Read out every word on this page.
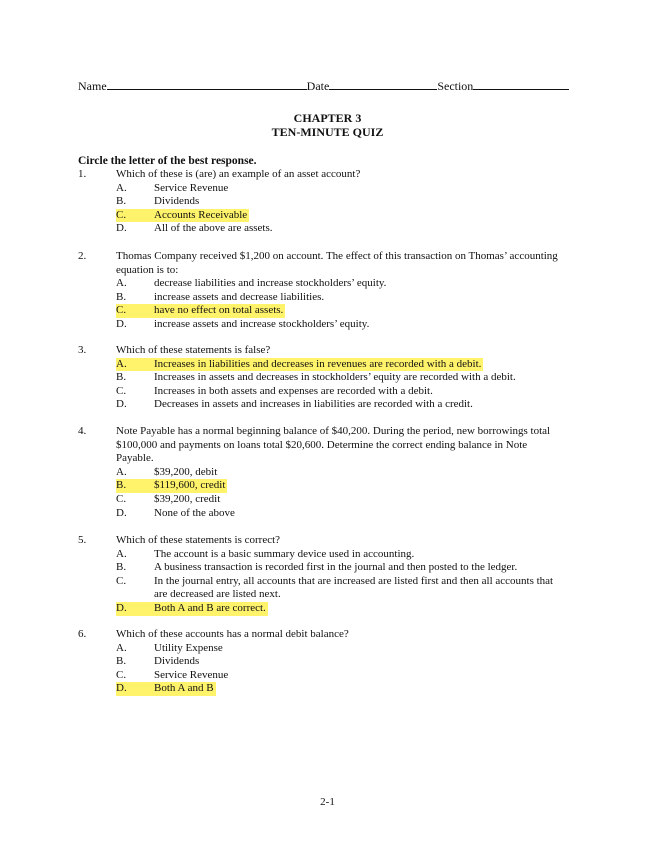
Name	Date	Section
CHAPTER 3
TEN-MINUTE QUIZ
Circle the letter of the best response.
1.	Which of these is (are) an example of an asset account?
A. Service Revenue
B.	Dividends
C.	Accounts Receivable
D. All of the above are assets.
2.	Thomas Company received $1,200 on account. The effect of this transaction on Thomas’ accounting equation is to:
A. decrease liabilities and increase stockholders’ equity.
B.	increase assets and decrease liabilities.
C.	have no effect on total assets.
D. increase assets and increase stockholders’ equity.
3.	Which of these statements is false?
A.	Increases in liabilities and decreases in revenues are recorded with a debit.
B.	Increases in assets and decreases in stockholders’ equity are recorded with a debit.
C.	Increases in both assets and expenses are recorded with a debit.
D. Decreases in assets and increases in liabilities are recorded with a credit.
4.	Note Payable has a normal beginning balance of $40,200. During the period, new borrowings total $100,000 and payments on loans total $20,600. Determine the correct ending balance in Note Payable.
A. $39,200, debit
B.	$119,600, credit
C.	$39,200, credit
D. None of the above
5.	Which of these statements is correct?
A. The account is a basic summary device used in accounting.
B.	A business transaction is recorded first in the journal and then posted to the ledger.
C.	In the journal entry, all accounts that are increased are listed first and then all accounts that are decreased are listed next.
D.	Both A and B are correct.
6.	Which of these accounts has a normal debit balance?
A. Utility Expense
B.	Dividends
C.	Service Revenue
D.	Both A and B
2-1
